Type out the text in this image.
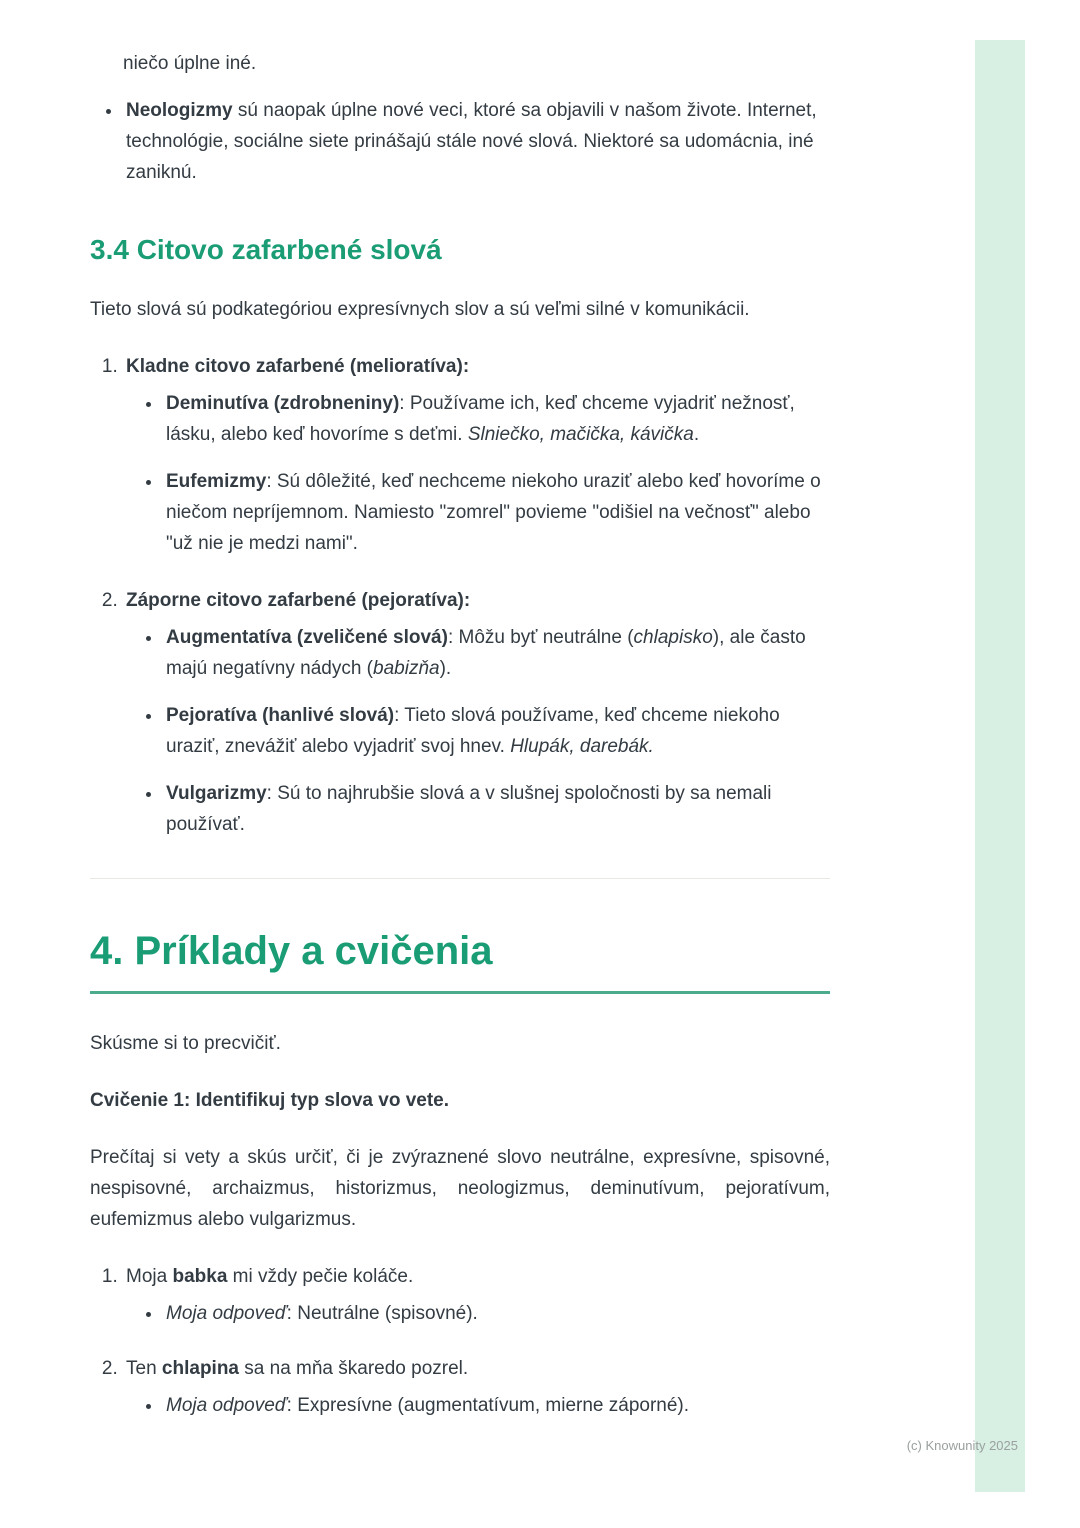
niečo úplne iné.

• Neologizmy sú naopak úplne nové veci, ktoré sa objavili v našom živote. Internet, technológie, sociálne siete prinášajú stále nové slová. Niektoré sa udomácnia, iné zaniknú.
3.4 Citovo zafarbené slová

Tieto slová sú podkategóriou expresívnych slov a sú veľmi silné v komunikácii.

1. Kladne citovo zafarbené (melioratíva):
• Deminutíva (zdrobneniny): Používame ich, keď chceme vyjadriť nežnosť, lásku, alebo keď hovoríme s deťmi. Slniečko, mačička, kávička.
• Eufemizmy: Sú dôležité, keď nechceme niekoho uraziť alebo keď hovoríme o niečom nepríjemnom. Namiesto "zomrel" povieme "odišiel na večnosť" alebo "už nie je medzi nami".
2. Záporne citovo zafarbené (pejoratíva):
• Augmentatíva (zveličené slová): Môžu byť neutrálne (chlapisko), ale často majú negatívny nádych (babizňa).
• Pejoratíva (hanlivé slová): Tieto slová používame, keď chceme niekoho uraziť, znevážiť alebo vyjadriť svoj hnev. Hlupák, darebák.
• Vulgarizmy: Sú to najhrubšie slová a v slušnej spoločnosti by sa nemali používať.
4. Príklady a cvičenia

Skúsme si to precvičiť.

Cvičenie 1: Identifikuj typ slova vo vete.

Prečítaj si vety a skús určiť, či je zvýraznené slovo neutrálne, expresívne, spisovné, nespisovné, archaizmus, historizmus, neologizmus, deminutívum, pejoratívum, eufemizmus alebo vulgarizmus.

1. Moja babka mi vždy pečie koláče.
• Moja odpoveď: Neutrálne (spisovné).
2. Ten chlapina sa na mňa škaredo pozrel.
• Moja odpoveď: Expresívne (augmentatívum, mierne záporné).
(c) Knowunity 2025
